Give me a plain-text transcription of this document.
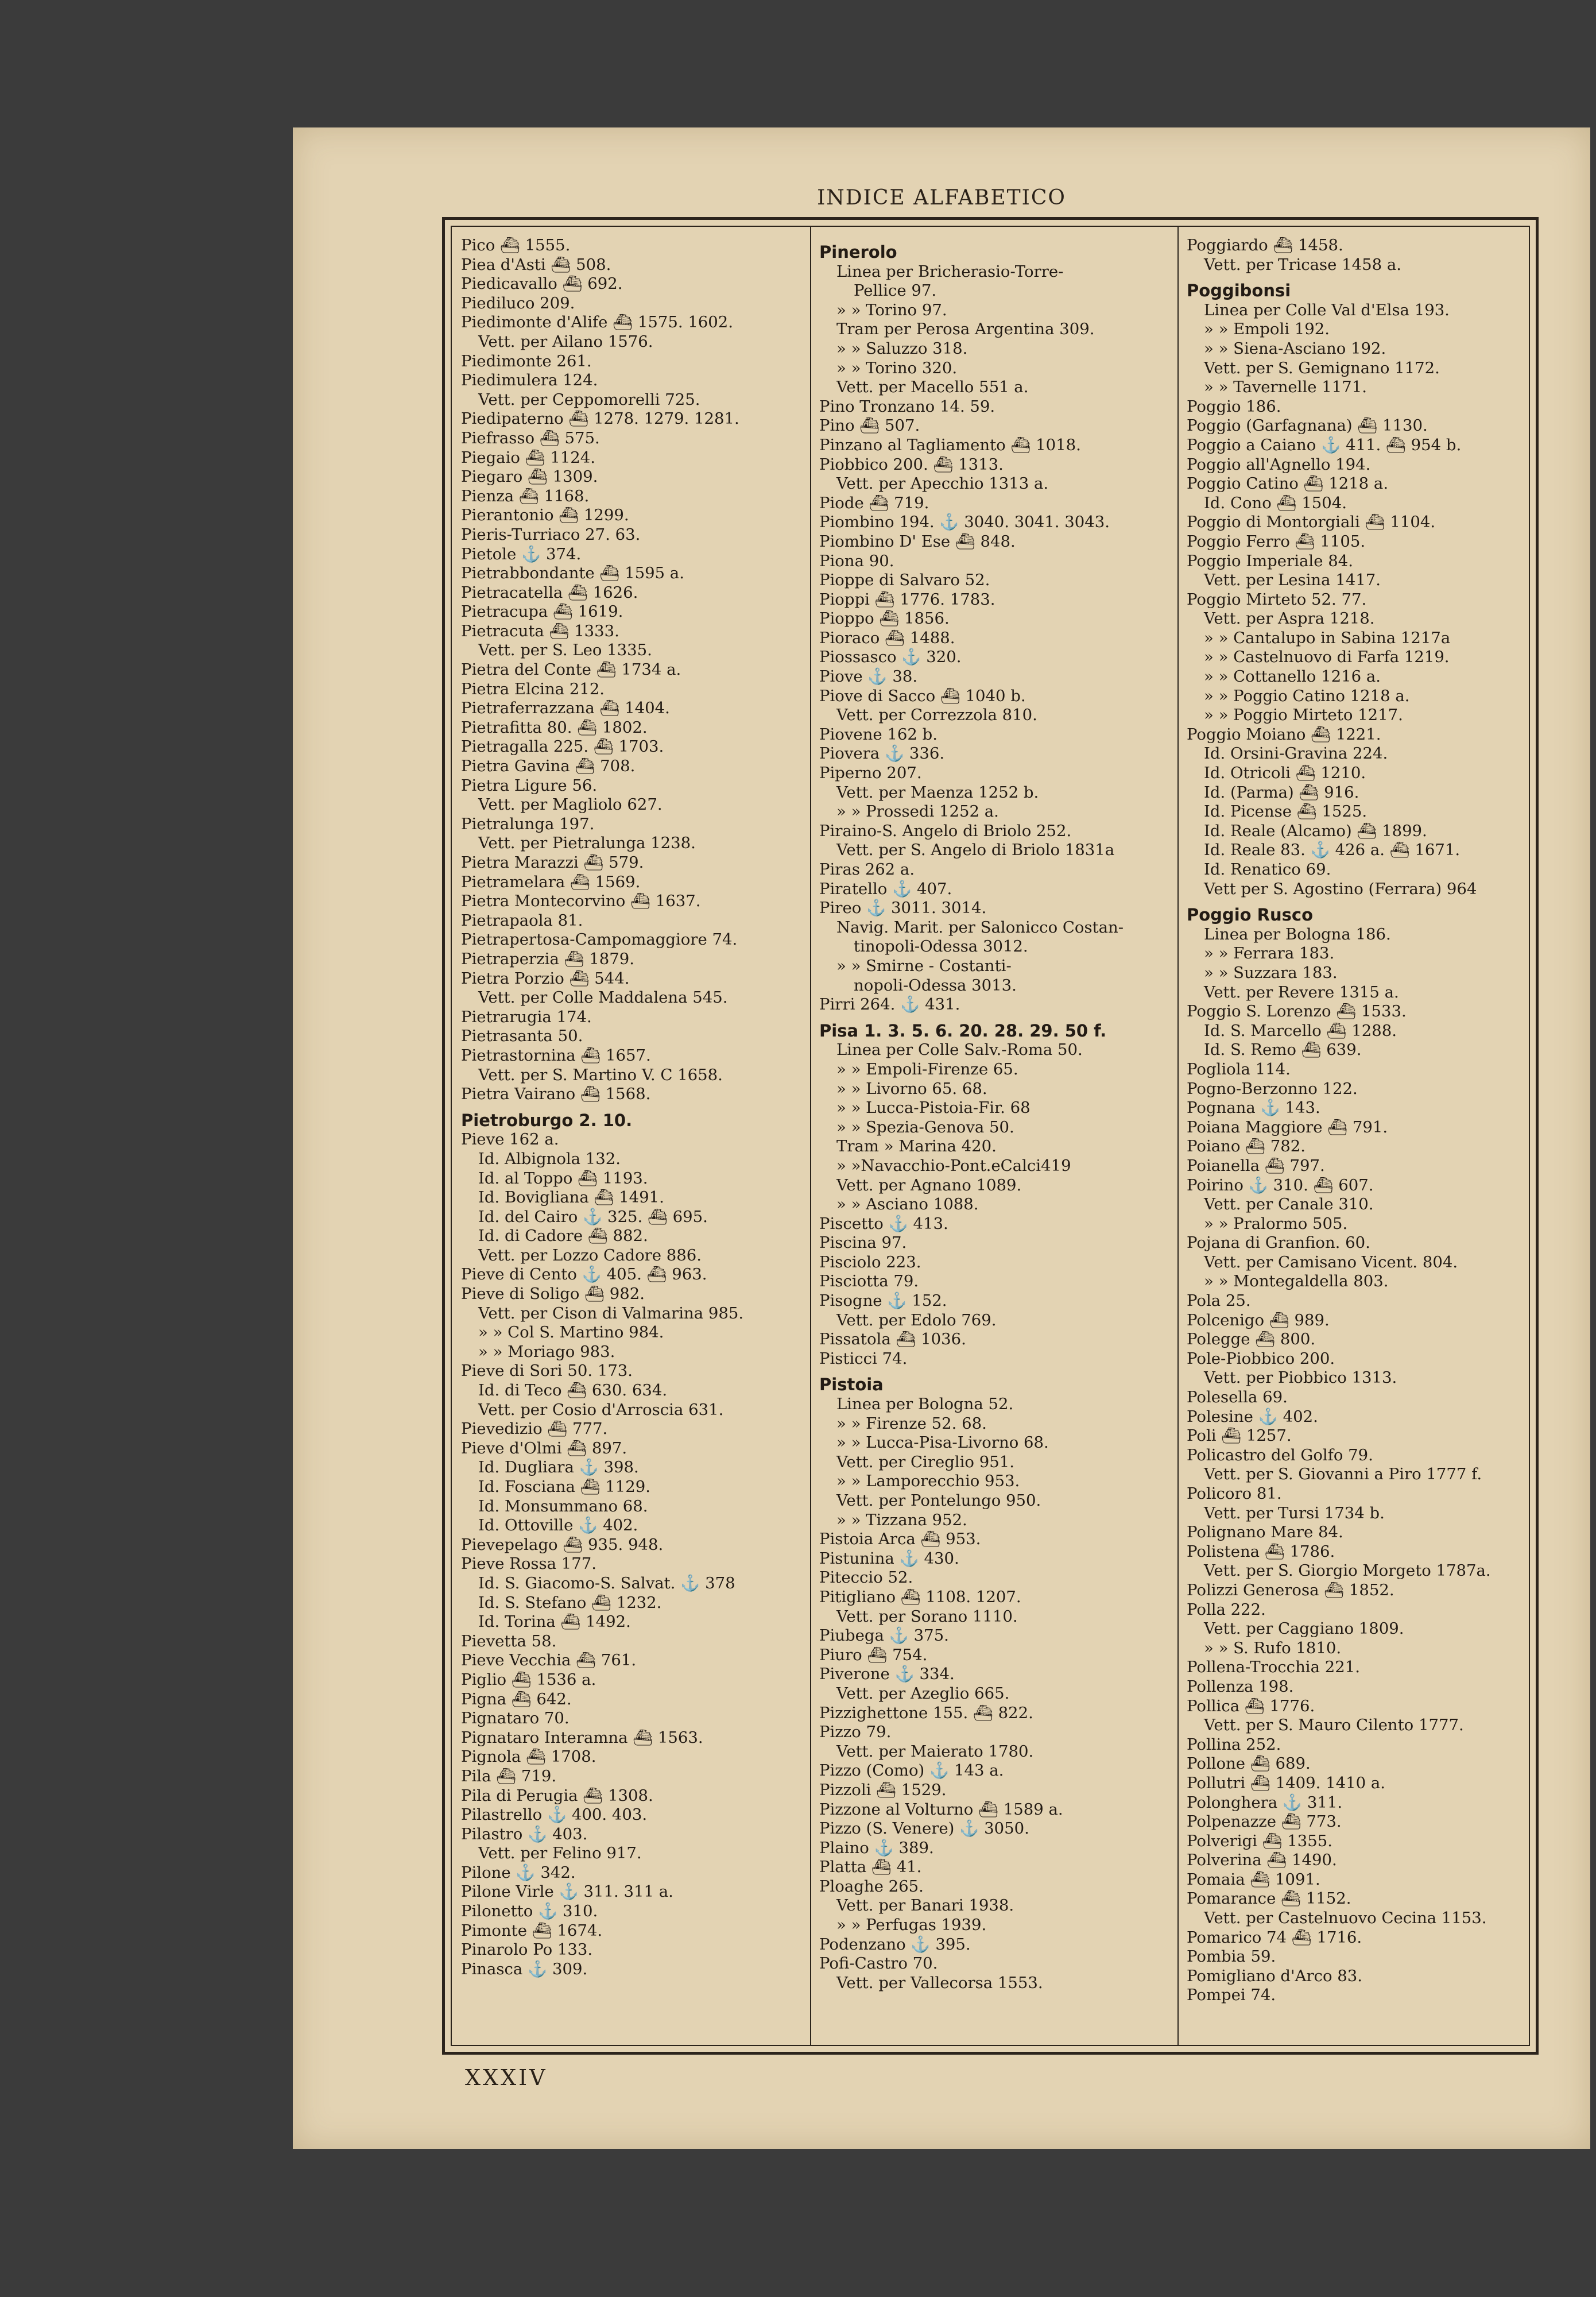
INDICE ALFABETICO
Pico ⛴ 1555.
Piea d'Asti ⛴ 508.
Piedicavallo ⛴ 692.
Piediluco 209.
Piedimonte d'Alife ⛴ 1575. 1602.
Vett. per Ailano 1576.
Piedimonte 261.
Piedimulera 124.
Vett. per Ceppomorelli 725.
Piedipaterno ⛴ 1278. 1279. 1281.
Piefrasso ⛴ 575.
Piegaio ⛴ 1124.
Piegaro ⛴ 1309.
Pienza ⛴ 1168.
Pierantonio ⛴ 1299.
Pieris-Turriaco 27. 63.
Pietole ⚓ 374.
Pietrabbondante ⛴ 1595 a.
Pietracatella ⛴ 1626.
Pietracupa ⛴ 1619.
Pietracuta ⛴ 1333.
Vett. per S. Leo 1335.
Pietra del Conte ⛴ 1734 a.
Pietra Elcina 212.
Pietraferrazzana ⛴ 1404.
Pietrafitta 80. ⛴ 1802.
Pietragalla 225. ⛴ 1703.
Pietra Gavina ⛴ 708.
Pietra Ligure 56.
Vett. per Magliolo 627.
Pietralunga 197.
Vett. per Pietralunga 1238.
Pietra Marazzi ⛴ 579.
Pietramelara ⛴ 1569.
Pietra Montecorvino ⛴ 1637.
Pietrapaola 81.
Pietrapertosa-Campomaggiore 74.
Pietraperzia ⛴ 1879.
Pietra Porzio ⛴ 544.
Vett. per Colle Maddalena 545.
Pietrarugia 174.
Pietrasanta 50.
Pietrastornina ⛴ 1657.
Vett. per S. Martino V. C 1658.
Pietra Vairano ⛴ 1568.
Pietroburgo 2. 10.
Pieve 162 a.
Id. Albignola 132.
Id. al Toppo ⛴ 1193.
Id. Bovigliana ⛴ 1491.
Id. del Cairo ⚓ 325. ⛴ 695.
Id. di Cadore ⛴ 882.
Vett. per Lozzo Cadore 886.
Pieve di Cento ⚓ 405. ⛴ 963.
Pieve di Soligo ⛴ 982.
Vett. per Cison di Valmarina 985.
» » Col S. Martino 984.
» » Moriago 983.
Pieve di Sori 50. 173.
Id. di Teco ⛴ 630. 634.
Vett. per Cosio d'Arroscia 631.
Pievedizio ⛴ 777.
Pieve d'Olmi ⛴ 897.
Id. Dugliara ⚓ 398.
Id. Fosciana ⛴ 1129.
Id. Monsummano 68.
Id. Ottoville ⚓ 402.
Pievepelago ⛴ 935. 948.
Pieve Rossa 177.
Id. S. Giacomo-S. Salvat. ⚓ 378
Id. S. Stefano ⛴ 1232.
Id. Torina ⛴ 1492.
Pievetta 58.
Pieve Vecchia ⛴ 761.
Piglio ⛴ 1536 a.
Pigna ⛴ 642.
Pignataro 70.
Pignataro Interamna ⛴ 1563.
Pignola ⛴ 1708.
Pila ⛴ 719.
Pila di Perugia ⛴ 1308.
Pilastrello ⚓ 400. 403.
Pilastro ⚓ 403.
Vett. per Felino 917.
Pilone ⚓ 342.
Pilone Virle ⚓ 311. 311 a.
Pilonetto ⚓ 310.
Pimonte ⛴ 1674.
Pinarolo Po 133.
Pinasca ⚓ 309.
Pinerolo
Linea per Bricherasio-Torre-
Pellice 97.
» » Torino 97.
Tram per Perosa Argentina 309.
» » Saluzzo 318.
» » Torino 320.
Vett. per Macello 551 a.
Pino Tronzano 14. 59.
Pino ⛴ 507.
Pinzano al Tagliamento ⛴ 1018.
Piobbico 200. ⛴ 1313.
Vett. per Apecchio 1313 a.
Piode ⛴ 719.
Piombino 194. ⚓ 3040. 3041. 3043.
Piombino D' Ese ⛴ 848.
Piona 90.
Pioppe di Salvaro 52.
Pioppi ⛴ 1776. 1783.
Pioppo ⛴ 1856.
Pioraco ⛴ 1488.
Piossasco ⚓ 320.
Piove ⚓ 38.
Piove di Sacco ⛴ 1040 b.
Vett. per Correzzola 810.
Piovene 162 b.
Piovera ⚓ 336.
Piperno 207.
Vett. per Maenza 1252 b.
» » Prossedi 1252 a.
Piraino-S. Angelo di Briolo 252.
Vett. per S. Angelo di Briolo 1831a
Piras 262 a.
Piratello ⚓ 407.
Pireo ⚓ 3011. 3014.
Navig. Marit. per Salonicco Costan-
tinopoli-Odessa 3012.
» » Smirne - Costanti-
nopoli-Odessa 3013.
Pirri 264. ⚓ 431.
Pisa 1. 3. 5. 6. 20. 28. 29. 50 f.
Linea per Colle Salv.-Roma 50.
» » Empoli-Firenze 65.
» » Livorno 65. 68.
» » Lucca-Pistoia-Fir. 68
» » Spezia-Genova 50.
Tram » Marina 420.
» »Navacchio-Pont.eCalci419
Vett. per Agnano 1089.
» » Asciano 1088.
Piscetto ⚓ 413.
Piscina 97.
Pisciolo 223.
Pisciotta 79.
Pisogne ⚓ 152.
Vett. per Edolo 769.
Pissatola ⛴ 1036.
Pisticci 74.
Pistoia
Linea per Bologna 52.
» » Firenze 52. 68.
» » Lucca-Pisa-Livorno 68.
Vett. per Cireglio 951.
» » Lamporecchio 953.
Vett. per Pontelungo 950.
» » Tizzana 952.
Pistoia Arca ⛴ 953.
Pistunina ⚓ 430.
Piteccio 52.
Pitigliano ⛴ 1108. 1207.
Vett. per Sorano 1110.
Piubega ⚓ 375.
Piuro ⛴ 754.
Piverone ⚓ 334.
Vett. per Azeglio 665.
Pizzighettone 155. ⛴ 822.
Pizzo 79.
Vett. per Maierato 1780.
Pizzo (Como) ⚓ 143 a.
Pizzoli ⛴ 1529.
Pizzone al Volturno ⛴ 1589 a.
Pizzo (S. Venere) ⚓ 3050.
Plaino ⚓ 389.
Platta ⛴ 41.
Ploaghe 265.
Vett. per Banari 1938.
» » Perfugas 1939.
Podenzano ⚓ 395.
Pofi-Castro 70.
Vett. per Vallecorsa 1553.
Poggiardo ⛴ 1458.
Vett. per Tricase 1458 a.
Poggibonsi
Linea per Colle Val d'Elsa 193.
» » Empoli 192.
» » Siena-Asciano 192.
Vett. per S. Gemignano 1172.
» » Tavernelle 1171.
Poggio 186.
Poggio (Garfagnana) ⛴ 1130.
Poggio a Caiano ⚓ 411. ⛴ 954 b.
Poggio all'Agnello 194.
Poggio Catino ⛴ 1218 a.
Id. Cono ⛴ 1504.
Poggio di Montorgiali ⛴ 1104.
Poggio Ferro ⛴ 1105.
Poggio Imperiale 84.
Vett. per Lesina 1417.
Poggio Mirteto 52. 77.
Vett. per Aspra 1218.
» » Cantalupo in Sabina 1217a
» » Castelnuovo di Farfa 1219.
» » Cottanello 1216 a.
» » Poggio Catino 1218 a.
» » Poggio Mirteto 1217.
Poggio Moiano ⛴ 1221.
Id. Orsini-Gravina 224.
Id. Otricoli ⛴ 1210.
Id. (Parma) ⛴ 916.
Id. Picense ⛴ 1525.
Id. Reale (Alcamo) ⛴ 1899.
Id. Reale 83. ⚓ 426 a. ⛴ 1671.
Id. Renatico 69.
Vett per S. Agostino (Ferrara) 964
Poggio Rusco
Linea per Bologna 186.
» » Ferrara 183.
» » Suzzara 183.
Vett. per Revere 1315 a.
Poggio S. Lorenzo ⛴ 1533.
Id. S. Marcello ⛴ 1288.
Id. S. Remo ⛴ 639.
Pogliola 114.
Pogno-Berzonno 122.
Pognana ⚓ 143.
Poiana Maggiore ⛴ 791.
Poiano ⛴ 782.
Poianella ⛴ 797.
Poirino ⚓ 310. ⛴ 607.
Vett. per Canale 310.
» » Pralormo 505.
Pojana di Granfion. 60.
Vett. per Camisano Vicent. 804.
» » Montegaldella 803.
Pola 25.
Polcenigo ⛴ 989.
Polegge ⛴ 800.
Pole-Piobbico 200.
Vett. per Piobbico 1313.
Polesella 69.
Polesine ⚓ 402.
Poli ⛴ 1257.
Policastro del Golfo 79.
Vett. per S. Giovanni a Piro 1777 f.
Policoro 81.
Vett. per Tursi 1734 b.
Polignano Mare 84.
Polistena ⛴ 1786.
Vett. per S. Giorgio Morgeto 1787a.
Polizzi Generosa ⛴ 1852.
Polla 222.
Vett. per Caggiano 1809.
» » S. Rufo 1810.
Pollena-Trocchia 221.
Pollenza 198.
Pollica ⛴ 1776.
Vett. per S. Mauro Cilento 1777.
Pollina 252.
Pollone ⛴ 689.
Pollutri ⛴ 1409. 1410 a.
Polonghera ⚓ 311.
Polpenazze ⛴ 773.
Polverigi ⛴ 1355.
Polverina ⛴ 1490.
Pomaia ⛴ 1091.
Pomarance ⛴ 1152.
Vett. per Castelnuovo Cecina 1153.
Pomarico 74 ⛴ 1716.
Pombia 59.
Pomigliano d'Arco 83.
Pompei 74.
XXXIV
